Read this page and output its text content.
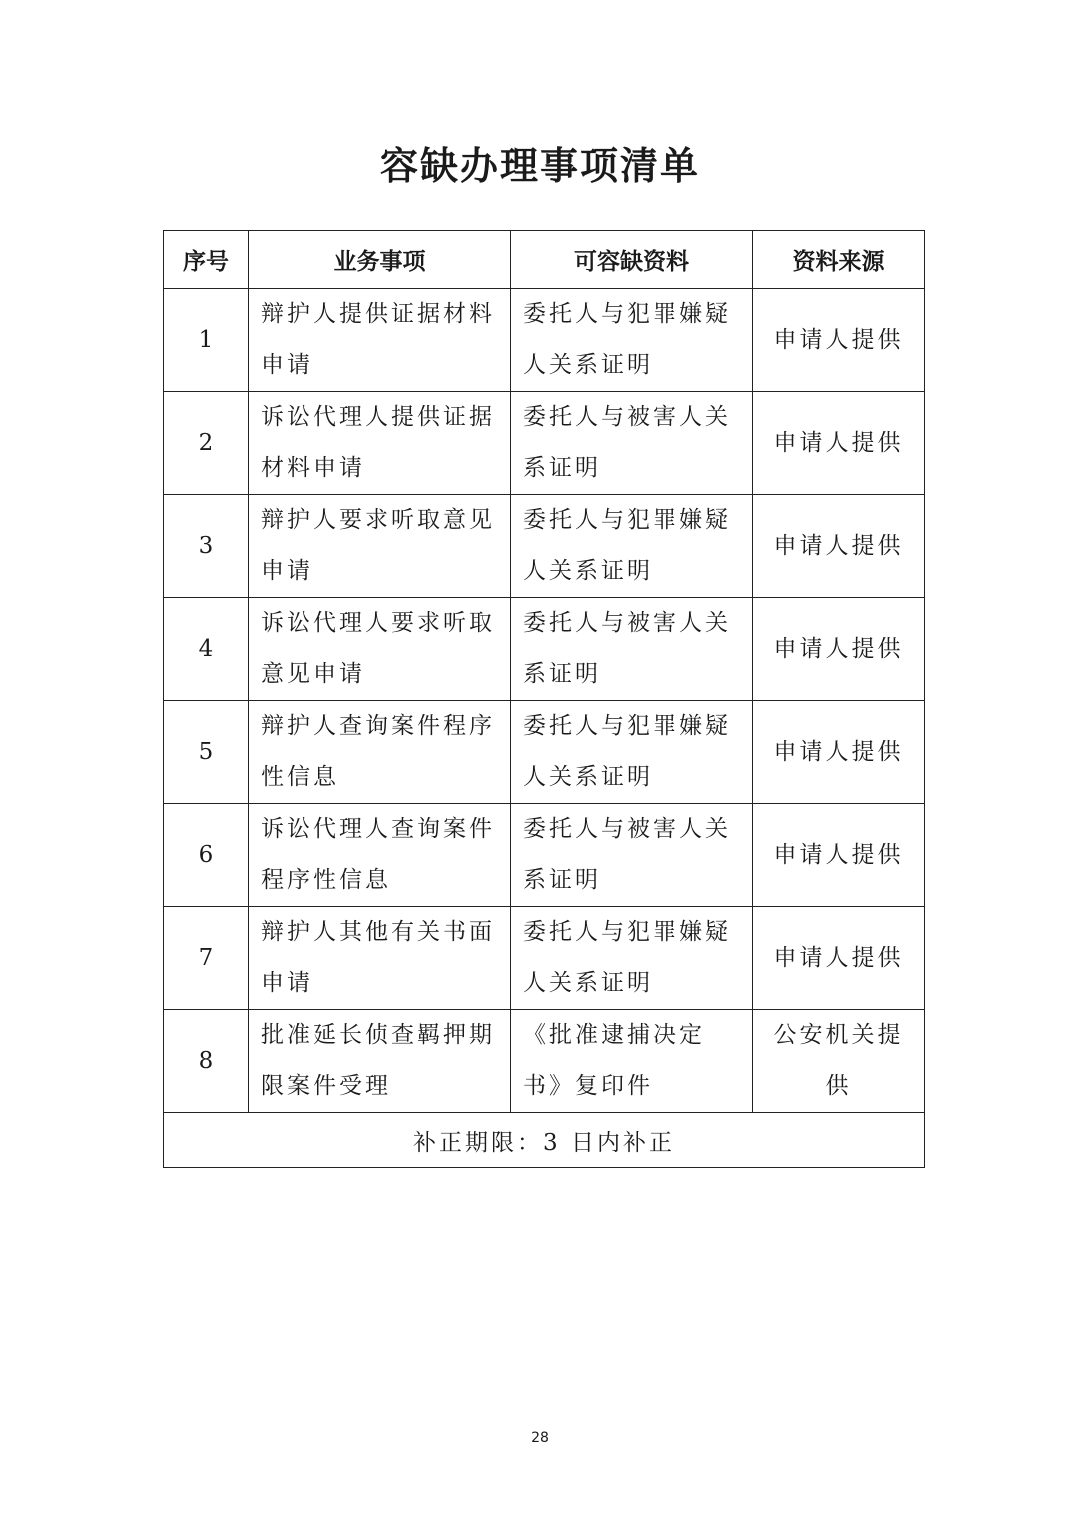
容缺办理事项清单
序号	业务事项	可容缺资料	资料来源
1	辩护人提供证据材料申请	委托人与犯罪嫌疑人关系证明	申请人提供
2	诉讼代理人提供证据材料申请	委托人与被害人关系证明	申请人提供
3	辩护人要求听取意见申请	委托人与犯罪嫌疑人关系证明	申请人提供
4	诉讼代理人要求听取意见申请	委托人与被害人关系证明	申请人提供
5	辩护人查询案件程序性信息	委托人与犯罪嫌疑人关系证明	申请人提供
6	诉讼代理人查询案件程序性信息	委托人与被害人关系证明	申请人提供
7	辩护人其他有关书面申请	委托人与犯罪嫌疑人关系证明	申请人提供
8	批准延长侦查羁押期限案件受理	《批准逮捕决定书》复印件	公安机关提供
补正期限：3 日内补正			
28
